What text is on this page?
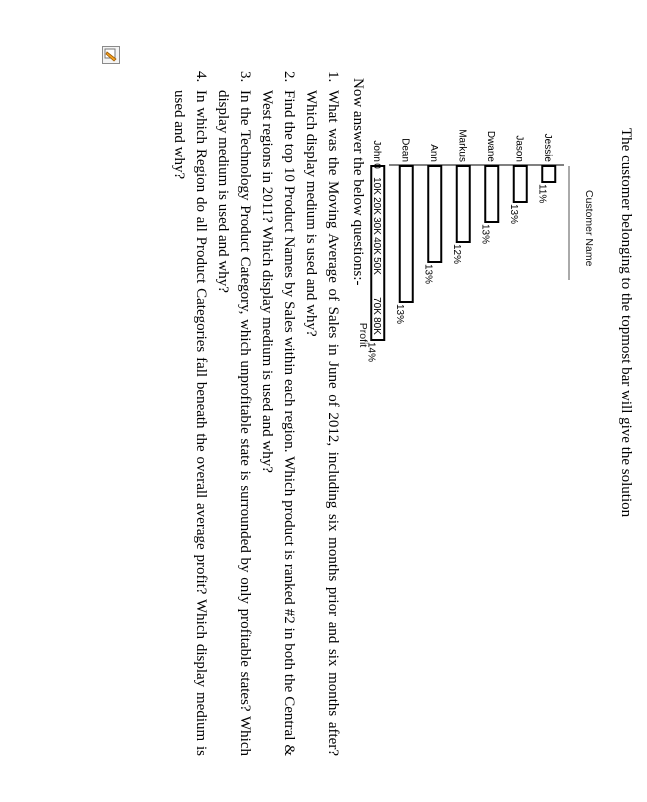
The customer belonging to the topmost bar will give the solution
Customer Name
Jessie
Jason
Dwane
Markus
Ann
Dean
John
11%
13%
13%
12%
13%
13%
14%
0
10K
20K
30K
40K
50K
70K
80K
Profit
Now answer the below questions:-
1. What was the Moving Average of Sales in June of 2012, including six months prior and six months after? Which display medium is used and why?
2. Find the top 10 Product Names by Sales within each region. Which product is ranked #2 in both the Central & West regions in 2011? Which display medium is used and why?
3. In the Technology Product Category, which unprofitable state is surrounded by only profitable states? Which display medium is used and why?
4. In which Region do all Product Categories fall beneath the overall average profit? Which display medium is used and why?
